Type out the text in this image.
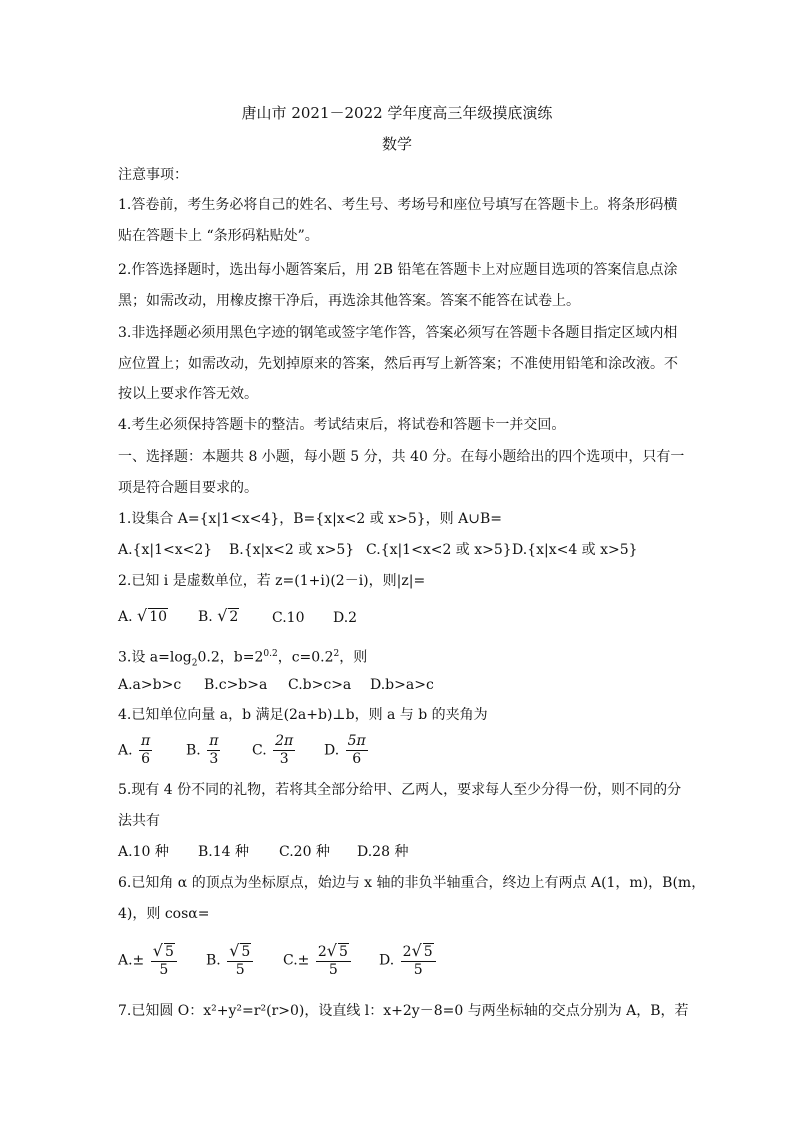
唐山市 2021－2022 学年度高三年级摸底演练
数学
注意事项：
1.答卷前，考生务必将自己的姓名、考生号、考场号和座位号填写在答题卡上。将条形码横
贴在答题卡上 “条形码粘贴处”。
2.作答选择题时，选出每小题答案后，用 2B 铅笔在答题卡上对应题目选项的答案信息点涂
黑；如需改动，用橡皮擦干净后，再选涂其他答案。答案不能答在试卷上。
3.非选择题必须用黑色字迹的钢笔或签字笔作答，答案必须写在答题卡各题目指定区域内相
应位置上；如需改动，先划掉原来的答案，然后再写上新答案；不准使用铅笔和涂改液。不
按以上要求作答无效。
4.考生必须保持答题卡的整洁。考试结束后，将试卷和答题卡一并交回。
一、选择题：本题共 8 小题，每小题 5 分，共 40 分。在每小题给出的四个选项中，只有一
项是符合题目要求的。
1.设集合 A={x|1<x<4}，B={x|x<2 或 x>5}，则 A∪B=
A.{x|1<x<2} B.{x|x<2 或 x>5} C.{x|1<x<2 或 x>5} D.{x|x<4 或 x>5}
2.已知 i 是虚数单位，若 z=(1+i)(2－i)，则|z|=
A. √ 10 B. √ 2 C.10 D.2
3.设 $a=\log_20.2$，$b=2^{0.2}$，$c=0.2^2$，则
A.a>b>c B.c>b>a C.b>c>a D.b>a>c
4.已知单位向量 a，b 满足(2a+b)⊥b，则 a 与 b 的夹角为
A. $\frac{\pi}{6} B$. $\frac{\pi}{3} C$. $\frac{2\pi}{3} D$. $\frac{5\pi}{6}$
5.现有 4 份不同的礼物，若将其全部分给甲、乙两人，要求每人至少分得一份，则不同的分
法共有
A.10 种 B.14 种 C.20 种 D.28 种
6.已知角 α 的顶点为坐标原点，始边与 x 轴的非负半轴重合，终边上有两点 A(1，m)，B(m，
4)，则 cosα=
$A.\pm \frac{√ 5}{5} B$. $\frac{√ 5}{5} C.\pm \frac{2√ 5}{5} D$. $\frac{2√ 5}{5}$
7.已知圆 O：x²+y²=r²(r>0)，设直线 l：x+2y－8=0 与两坐标轴的交点分别为 A，B，若
